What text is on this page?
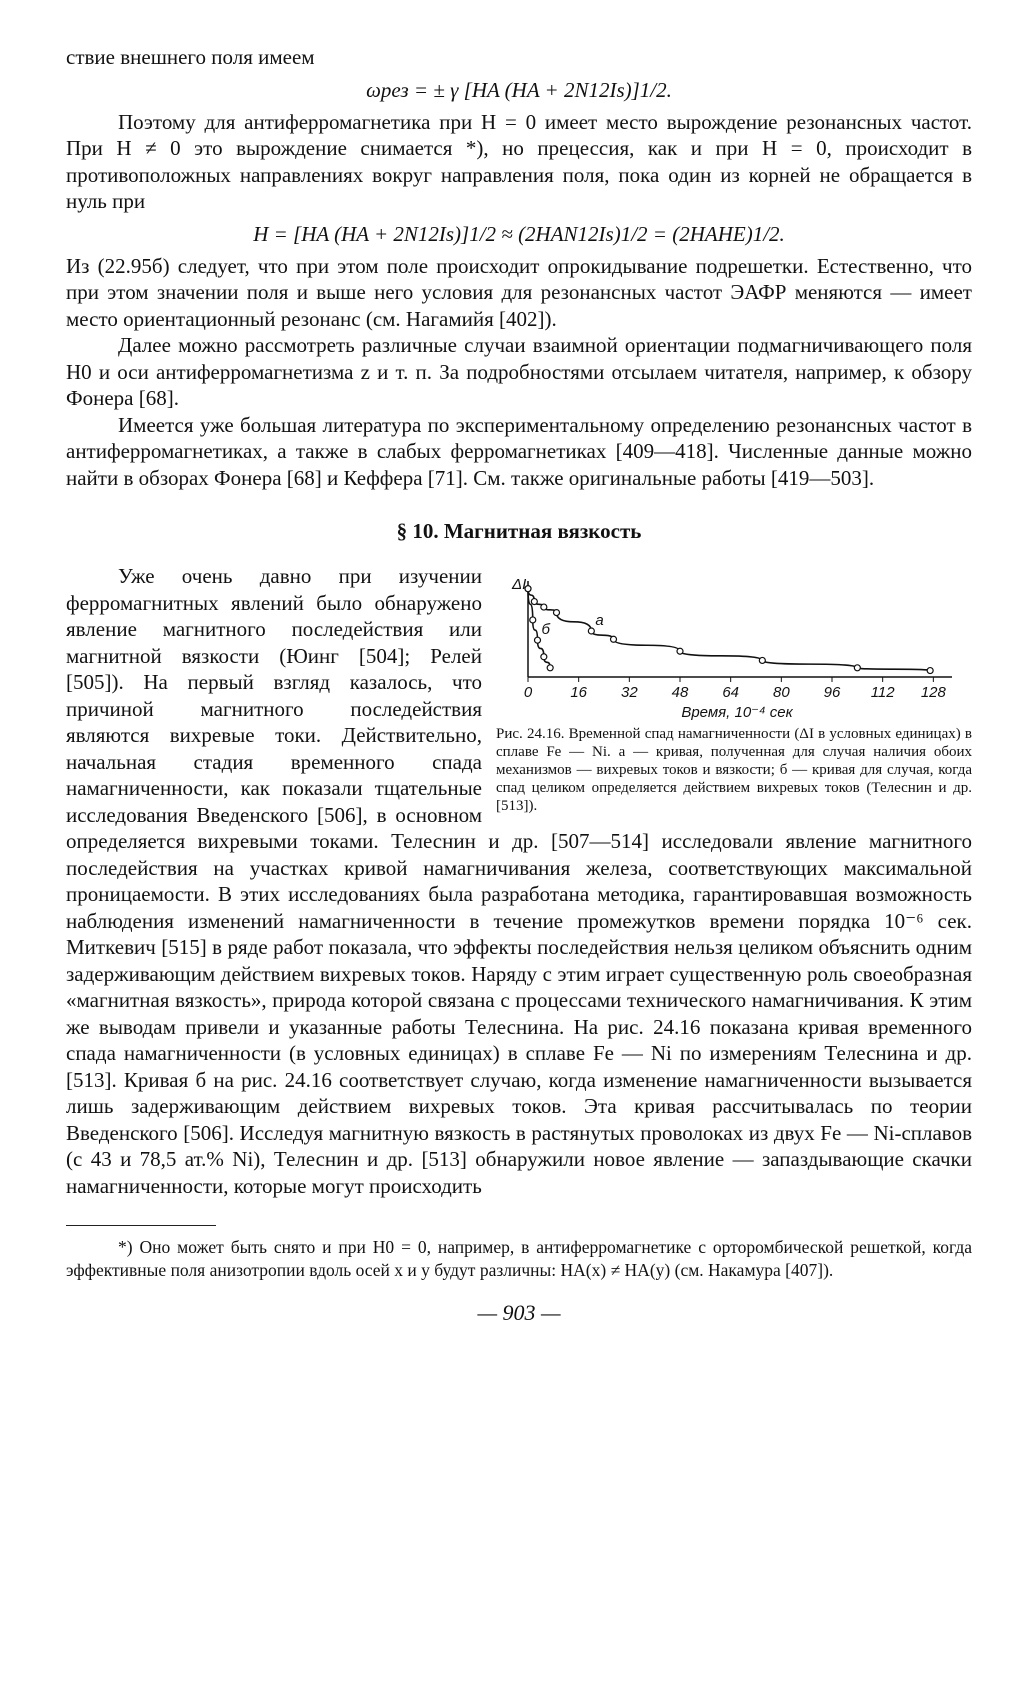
ствие внешнего поля имеем

ωрез = ± γ [HA (HA + 2N12Is)]1/2.

Поэтому для антиферромагнетика при H = 0 имеет место вырождение резонансных частот. При H ≠ 0 это вырождение снимается *), но прецессия, как и при H = 0, происходит в противоположных направлениях вокруг направления поля, пока один из корней не обращается в нуль при

H = [HA (HA + 2N12Is)]1/2 ≈ (2HAN12Is)1/2 = (2HAHE)1/2.

Из (22.95б) следует, что при этом поле происходит опрокидывание подрешетки. Естественно, что при этом значении поля и выше него условия для резонансных частот ЭАФР меняются — имеет место ориентационный резонанс (см. Нагамийя [402]).

Далее можно рассмотреть различные случаи взаимной ориентации подмагничивающего поля H0 и оси антиферромагнетизма z и т. п. За подробностями отсылаем читателя, например, к обзору Фонера [68].

Имеется уже большая литература по экспериментальному определению резонансных частот в антиферромагнетиках, а также в слабых ферромагнетиках [409—418]. Численные данные можно найти в обзорах Фонера [68] и Кеффера [71]. См. также оригинальные работы [419—503].

§ 10. Магнитная вязкость
0	16 32 48 64 80 96 112 128
ΔI
Время, 10⁻⁴ сек
а
б
Рис. 24.16. Временной спад намагниченности (ΔI в условных единицах) в сплаве Fe — Ni. а — кривая, полученная для случая наличия обоих механизмов — вихревых токов и вязкости; б — кривая для случая, когда спад целиком определяется действием вихревых токов (Телеснин и др. [513]).

Уже очень давно при изучении ферромагнитных явлений было обнаружено явление магнитного последействия или магнитной вязкости (Юинг [504]; Релей [505]). На первый взгляд казалось, что причиной магнитного последействия являются вихревые токи. Действительно, начальная стадия временного спада намагниченности, как показали тщательные исследования Введенского [506], в основном определяется вихревыми токами. Телеснин и др. [507—514] исследовали явление магнитного последействия на участках кривой намагничивания железа, соответствующих максимальной проницаемости. В этих исследованиях была разработана методика, гарантировавшая возможность наблюдения изменений намагниченности в течение промежутков времени порядка 10⁻⁶ сек. Миткевич [515] в ряде работ показала, что эффекты последействия нельзя целиком объяснить одним задерживающим действием вихревых токов. Наряду с этим играет существенную роль своеобразная «магнитная вязкость», природа которой связана с процессами технического намагничивания. К этим же выводам привели и указанные работы Телеснина. На рис. 24.16 показана кривая временного спада намагниченности (в условных единицах) в сплаве Fe — Ni по измерениям Телеснина и др. [513]. Кривая б на рис. 24.16 соответствует случаю, когда изменение намагниченности вызывается лишь задерживающим действием вихревых токов. Эта кривая рассчитывалась по теории Введенского [506]. Исследуя магнитную вязкость в растянутых проволоках из двух Fe — Ni-сплавов (с 43 и 78,5 ат.% Ni), Телеснин и др. [513] обнаружили новое явление — запаздывающие скачки намагниченности, которые могут происходить

*) Оно может быть снято и при H0 = 0, например, в антиферромагнетике с орторомбической решеткой, когда эффективные поля анизотропии вдоль осей x и y будут различны: HA(x) ≠ HA(y) (см. Накамура [407]).

— 903 —
